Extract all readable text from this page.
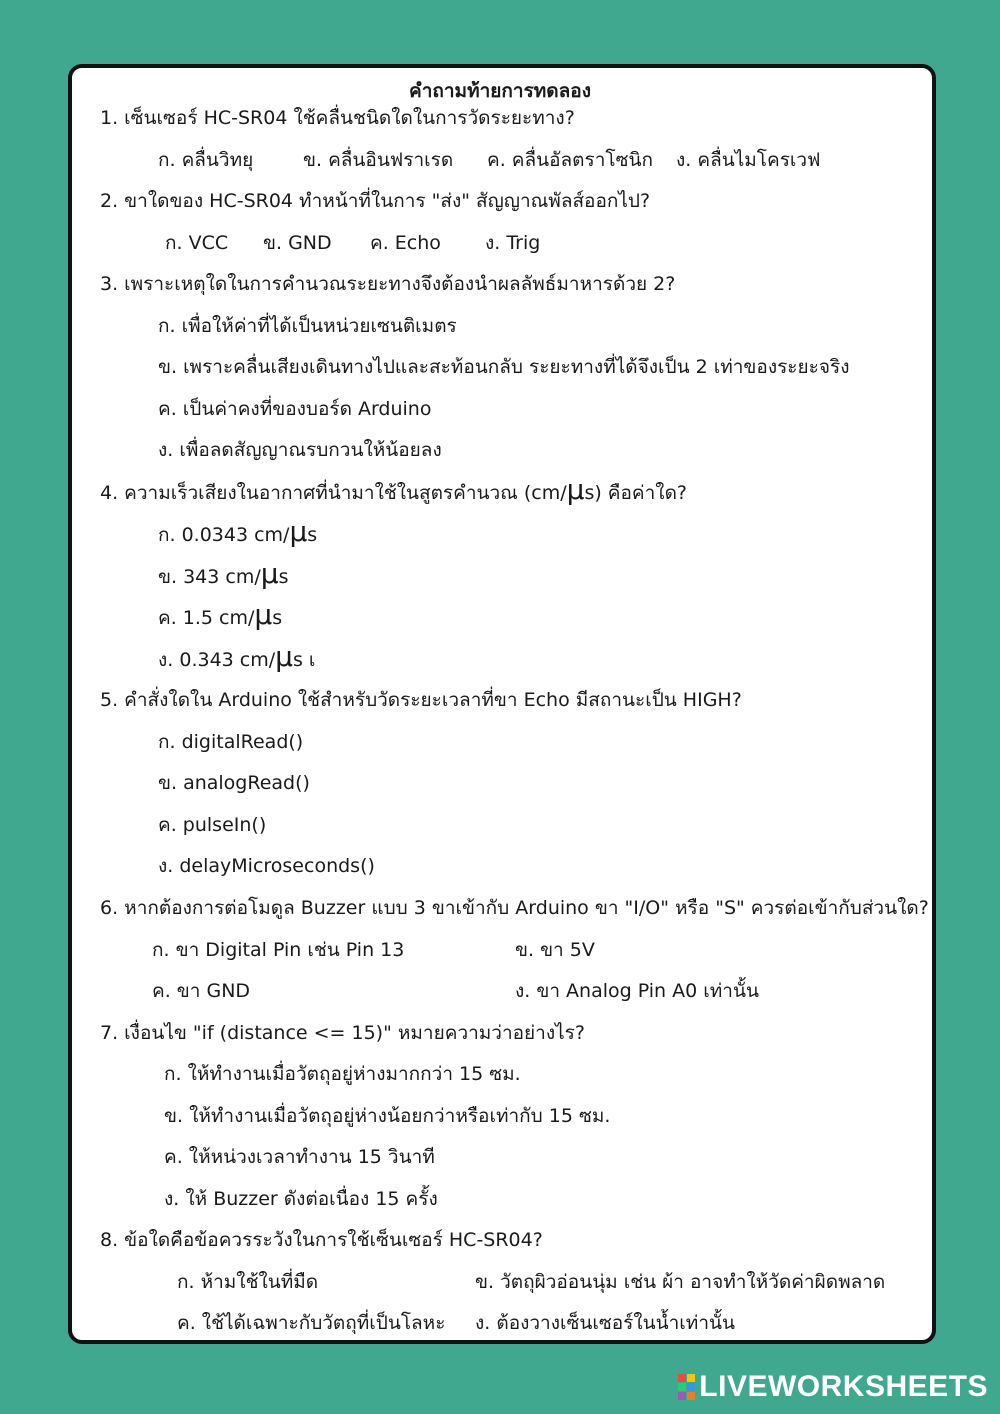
คำถามท้ายการทดลอง
1. เซ็นเซอร์ HC-SR04 ใช้คลื่นชนิดใดในการวัดระยะทาง?
ก. คลื่นวิทยุ	ข. คลื่นอินฟราเรด ค. คลื่นอัลตราโซนิก ง. คลื่นไมโครเวฟ
2. ขาใดของ HC-SR04 ทำหน้าที่ในการ "ส่ง" สัญญาณพัลส์ออกไป?
ก. VCC ข. GND ค. Echo ง. Trig
3. เพราะเหตุใดในการคำนวณระยะทางจึงต้องนำผลลัพธ์มาหารด้วย 2?
ก. เพื่อให้ค่าที่ได้เป็นหน่วยเซนติเมตร
ข. เพราะคลื่นเสียงเดินทางไปและสะท้อนกลับ ระยะทางที่ได้จึงเป็น 2 เท่าของระยะจริง
ค. เป็นค่าคงที่ของบอร์ด Arduino
ง. เพื่อลดสัญญาณรบกวนให้น้อยลง
4. ความเร็วเสียงในอากาศที่นำมาใช้ในสูตรคำนวณ (cm/μs) คือค่าใด?
ก. 0.0343 cm/μs
ข. 343 cm/μs
ค. 1.5 cm/μs
ง. 0.343 cm/μs เ
5. คำสั่งใดใน Arduino ใช้สำหรับวัดระยะเวลาที่ขา Echo มีสถานะเป็น HIGH?
ก. digitalRead()
ข. analogRead()
ค. pulseIn()
ง. delayMicroseconds()
6. หากต้องการต่อโมดูล Buzzer แบบ 3 ขาเข้ากับ Arduino ขา "I/O" หรือ "S" ควรต่อเข้ากับส่วนใด?
ก. ขา Digital Pin เช่น Pin 13	ข. ขา 5V
ค. ขา GND	ง. ขา Analog Pin A0 เท่านั้น
7. เงื่อนไข "if (distance <= 15)" หมายความว่าอย่างไร?
ก. ให้ทำงานเมื่อวัตถุอยู่ห่างมากกว่า 15 ซม.
ข. ให้ทำงานเมื่อวัตถุอยู่ห่างน้อยกว่าหรือเท่ากับ 15 ซม.
ค. ให้หน่วงเวลาทำงาน 15 วินาที
ง. ให้ Buzzer ดังต่อเนื่อง 15 ครั้ง
8. ข้อใดคือข้อควรระวังในการใช้เซ็นเซอร์ HC-SR04?
ก. ห้ามใช้ในที่มืด	ข. วัตถุผิวอ่อนนุ่ม เช่น ผ้า อาจทำให้วัดค่าผิดพลาด
ค. ใช้ได้เฉพาะกับวัตถุที่เป็นโลหะ ง. ต้องวางเซ็นเซอร์ในน้ำเท่านั้น
LIVEWORKSHEETS
